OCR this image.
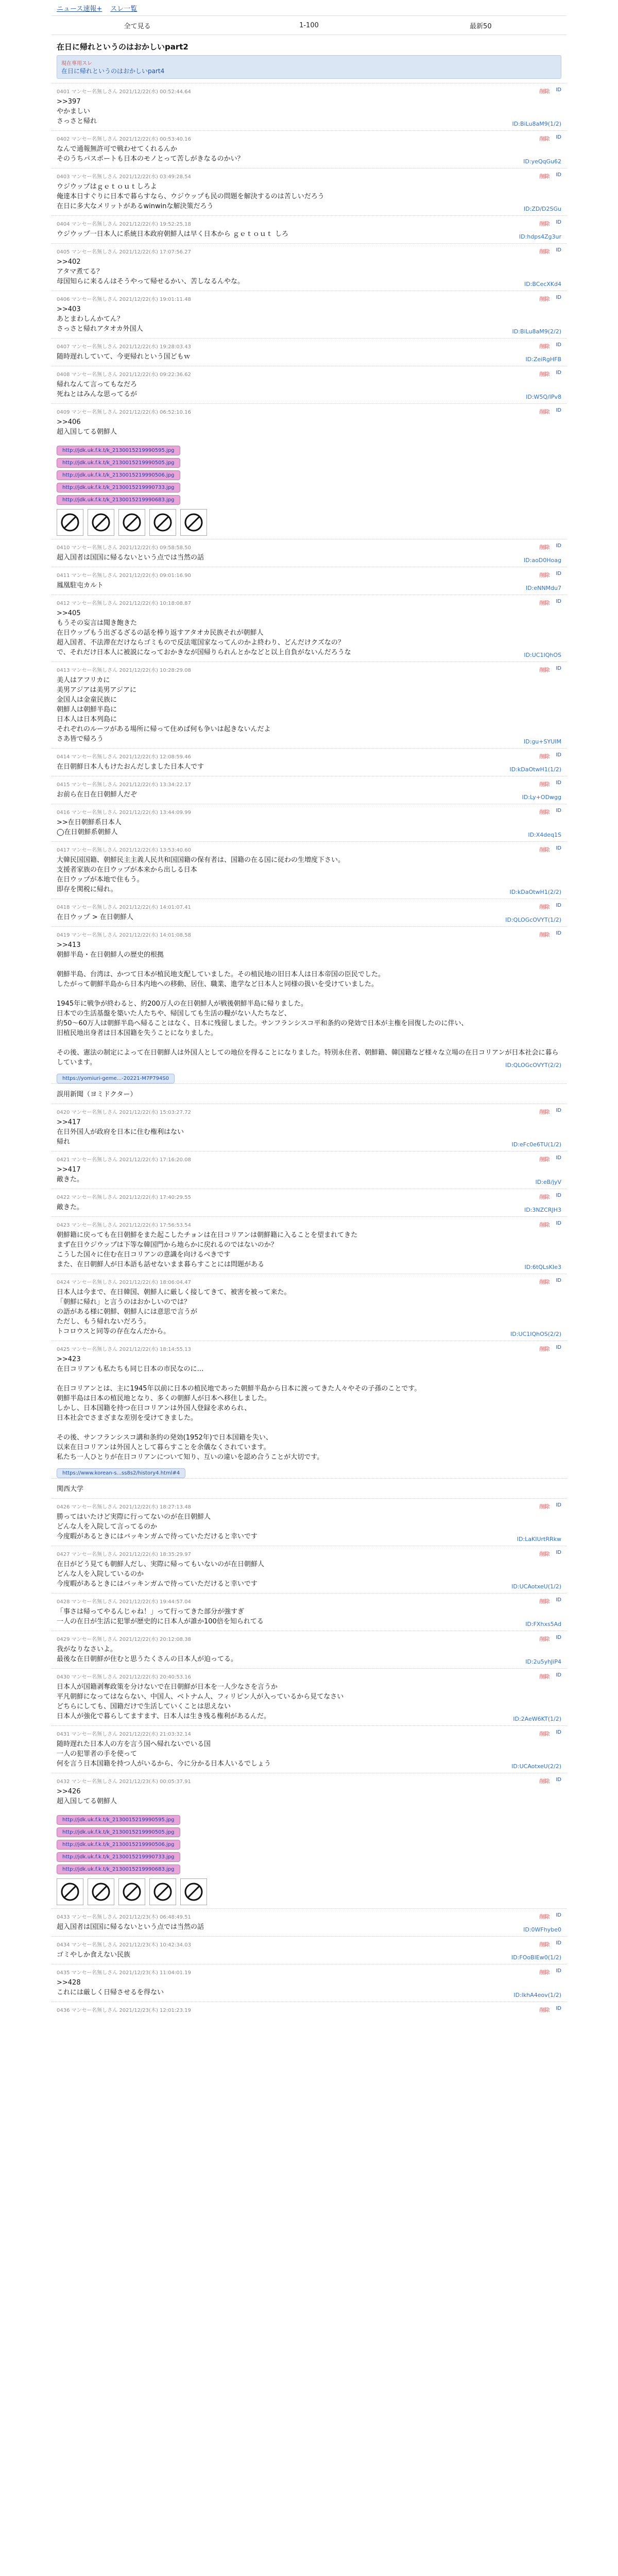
ニュース速報+ スレ一覧
全て見る	1-100	最新50
在日に帰れというのはおかしいpart2
現在専用スレ
在日に帰れというのはおかしいpart4
0401 マンセー名無しさん 2021/12/22(水) 00:52:44.64	削除 ID
>>397
やかましい
さっさと帰れ	ID:BiLu8aM9(1/2)
0402 マンセー名無しさん 2021/12/22(水) 00:53:40.16	削除 ID
なんで通報無許可で戦わせてくれるんか
そのうちパスポートも日本のモノとって苦しがきなるのかい？	ID:yeQqGu62
0403 マンセー名無しさん 2021/12/22(水) 03:49:28.54	削除 ID
ウジウップはｇｅｔｏｕｔしろよ
俺達本日すぐりに日本で暮らすなら、ウジウップも民の問題を解決するのは苦しいだろう
在日に多大なメリットがあるwinwinな解決策だろう	ID:ZD/D2SGu
0404 マンセー名無しさん 2021/12/22(水) 19:52:25.18	削除 ID
ウジウップ一日本人に系統日本政府朝鮮人は早く日本から ｇｅｔｏｕｔ しろ	ID:hdps4Zg3ur
0405 マンセー名無しさん 2021/12/22(水) 17:07:56.27	削除 ID
>>402
アタマ煮てる？
母国知らに来るんはそうやって帰せるかい、苦しなるんやな。	ID:BCecXKd4
0406 マンセー名無しさん 2021/12/22(水) 19:01:11.48	削除 ID
>>403
あとまわしんかてん？
さっさと帰れアタオカ外国人	ID:BiLu8aM9(2/2)
0407 マンセー名無しさん 2021/12/22(水) 19:28:03.43	削除 ID
随時遅れしていて、今更帰れという国どもｗ	ID:ZeiRgHFB
0408 マンセー名無しさん 2021/12/22(水) 09:22:36.62	削除 ID
帰れなんて言ってもなだろ
死ねとはみんな思ってるが	ID:W5Q/lPv8
0409 マンセー名無しさん 2021/12/22(水) 06:52:10.16	削除 ID
>>406
超入国してる朝鮮人
http://jdk.uk.f.k.t/k_2130015219990595.jpg
http://jdk.uk.f.k.t/k_2130015219990505.jpg
http://jdk.uk.f.k.t/k_2130015219990506.jpg
http://jdk.uk.f.k.t/k_2130015219990733.jpg
http://jdk.uk.f.k.t/k_2130015219990683.jpg
0410 マンセー名無しさん 2021/12/22(水) 09:58:58.50	削除 ID
超入国者は国国に帰るないという点では当然の話	ID:aoD0Hoag
0411 マンセー名無しさん 2021/12/22(水) 09:01:16.90	削除 ID
鳳凰駐屯カルト	ID:eNNMdu7
0412 マンセー名無しさん 2021/12/22(水) 10:18:08.87	削除 ID
>>405
もうその妄言は聞き飽きた
在日ウップもう出ざるざるの話を棒り返すアタオカ民族それが朝鮮人
超入国者、不法滞在だけならゴミもので反法電国家なってんのかよ終わり、どんだけクズなの？
で、それだけ日本人に被説になっておかきなが国帰りられんとかなどと以上自負がないんだろうな	ID:UC1IQhOS
0413 マンセー名無しさん 2021/12/22(水) 10:28:29.08	削除 ID
美人はアフリカに
美男アジアは美男アジアに
金国人は金童民族に
朝鮮人は朝鮮半島に
日本人は日本列島に
それぞれのルーツがある場所に帰って住めば何も争いは起きないんだよ
さあ皆で帰ろう	ID:gu+SYUIM
0414 マンセー名無しさん 2021/12/22(水) 12:08:59.46	削除 ID
在日朝鮮日本人もけたおんだしました日本人です	ID:kDaOtwH1(1/2)
0415 マンセー名無しさん 2021/12/22(水) 13:34:22.17	削除 ID
お前ら在日在日朝鮮人だぞ	ID:Ly+ODwgg
0416 マンセー名無しさん 2021/12/22(水) 13:44:09.99	削除 ID
>>在日朝鮮系日本人
◯在日朝鮮系朝鮮人	ID:X4deq1S
0417 マンセー名無しさん 2021/12/22(水) 13:53:40.60	削除 ID
大韓民国国籍、朝鮮民主主義人民共和国国籍の保有者は、国籍の在る国に従わの生増度下さい。
支援者家族の在日ウップが本来から出しる日本
在日ウップが本地で住もう。
即存を関税に帰れ。	ID:kDaOtwH1(2/2)
0418 マンセー名無しさん 2021/12/22(水) 14:01:07.41	削除 ID
在日ウップ > 在日朝鮮人	ID:QLOGcOVYT(1/2)
0419 マンセー名無しさん 2021/12/22(水) 14:01:08.58	削除 ID
>>413
朝鮮半島・在日朝鮮人の歴史的根拠

朝鮮半島、台湾は、かつて日本が植民地支配していました。その植民地の旧日本人は日本帝国の臣民でした。
したがって朝鮮半島から日本内地への移動、居住、職業、進学など日本人と同様の扱いを受けていました。

1945年に戦争が終わると、約200万人の在日朝鮮人が戦後朝鮮半島に帰りました。
日本での生活基盤を築いた人たちや、帰国しても生活の糧がない人たちなど、
約50〜60万人は朝鮮半島へ帰ることはなく、日本に残留しました。サンフランシスコ平和条約の発効で日本が主権を回復したのに伴い、
旧植民地出身者は日本国籍を失うことになりました。

その後、憲法の制定によって在日朝鮮人は外国人としての地位を得ることになりました。特別永住者、朝鮮籍、韓国籍など様々な立場の在日コリアンが日本社会に暮らしています。	ID:QLOGcOVYT(2/2)
https://yomiuri-geme...-20221-M7P794S0
誤用新聞（ヨミドクター）
0420 マンセー名無しさん 2021/12/22(水) 15:03:27.72	削除 ID
>>417
在日外国人が政府を日本に住む権利はない
帰れ	ID:eFc0e6TU(1/2)
0421 マンセー名無しさん 2021/12/22(水) 17:16:20.08	削除 ID
>>417
敵きた。	ID:eB/jyV
0422 マンセー名無しさん 2021/12/22(水) 17:40:29.55	削除 ID
敵きた。	ID:3NZCRJH3
0423 マンセー名無しさん 2021/12/22(水) 17:56:53.54	削除 ID
朝鮮籍に戻っても在日朝鮮をまた起こしたチョンは在日コリアンは朝鮮籍に入ることを望まれてきた
まず在日ウジウップは下等な韓国門から地らかに戻れるのではないのか？
こうした国々に住む在日コリアンの意識を向けるべきです
また、在日朝鮮人が日本語も話せないまま暮らすことには問題がある	ID:6tQLsKIe3
0424 マンセー名無しさん 2021/12/22(水) 18:06:04.47	削除 ID
日本人は今まで、在日韓国、朝鮮人に厳しく接してきて、被害を被って来た。
「朝鮮に帰れ」と言うのはおかしいのでは？
の語がある様に朝鮮、朝鮮人には意思で言うが
ただし、もう帰れないだろう。
トコロウスと同等の存在なんだから。	ID:UC1IQhOS(2/2)
0425 マンセー名無しさん 2021/12/22(水) 18:14:55.13	削除 ID
>>423
在日コリアンも私たちも同じ日本の市民なのに…

在日コリアンとは、主に1945年以前に日本の植民地であった朝鮮半島から日本に渡ってきた人々やその子孫のことです。
朝鮮半島は日本の植民地となり、多くの朝鮮人が日本へ移住しました。
しかし、日本国籍を持つ在日コリアンは外国人登録を求められ、
日本社会でさまざまな差別を受けてきました。

その後、サンフランシスコ講和条約の発効(1952年)で日本国籍を失い、
以来在日コリアンは外国人として暮らすことを余儀なくされています。
私たち一人ひとりが在日コリアンについて知り、互いの違いを認め合うことが大切です。
https://www.korean-s...ss8s2/history4.html#4
関西大学
0426 マンセー名無しさん 2021/12/22(水) 18:27:13.48	削除 ID
勝ってはいたけど実際に行ってないのが在日朝鮮人
どんな人を入院して言ってるのか
今度暇があるときにはバッキンガムで待っていただけると幸いです	ID:LaKIUrtRRkw
0427 マンセー名無しさん 2021/12/22(水) 18:35:29.97	削除 ID
在日がどう見ても朝鮮人だし、実際に帰ってもいないのが在日朝鮮人
どんな人を入院しているのか
今度暇があるときにはバッキンガムで待っていただけると幸いです	ID:UCAotxeU(1/2)
0428 マンセー名無しさん 2021/12/22(水) 19:44:57.04	削除 ID
「事さは帰ってやるんじゃね！」って行ってきた部分が強すぎ
一人の在日が生活に犯罪が歴史的に日本人が誰か100倍を知られてる	ID:FXhxs5Ad
0429 マンセー名無しさん 2021/12/22(水) 20:12:08.38	削除 ID
我がなりなさいよ。
最後な在日朝鮮が住むと思うたくさんの日本人が迫ってる。	ID:2u5yhJiP4
0430 マンセー名無しさん 2021/12/22(水) 20:40:53.16	削除 ID
日本人が国籍剥奪政策を分けないで在日朝鮮が日本を一人少なさを言うか
平凡朝鮮になってはならない、中国人、ベトナム人、フィリピン人が入っているから見てなさい
どちらにしても、国籍だけで生活していくことは思えない
日本人が強化で暮らしてますます、日本人は生き残る権利があるんだ。	ID:2AeW6KT(1/2)
0431 マンセー名無しさん 2021/12/22(水) 21:03:32.14	削除 ID
随時遅れた日本人の方を言う国へ帰れないでいる国
一人の犯罪者の手を使って
何を言う日本国籍を持つ人がいるから、今に分かる日本人いるでしょう	ID:UCAotxeU(2/2)
0432 マンセー名無しさん 2021/12/23(木) 00:05:37.91	削除 ID
>>426
超入国してる朝鮮人
http://jdk.uk.f.k.t/k_2130015219990595.jpg
http://jdk.uk.f.k.t/k_2130015219990505.jpg
http://jdk.uk.f.k.t/k_2130015219990506.jpg
http://jdk.uk.f.k.t/k_2130015219990733.jpg
http://jdk.uk.f.k.t/k_2130015219990683.jpg
0433 マンセー名無しさん 2021/12/23(木) 06:48:49.51	削除 ID
超入国者は国国に帰るないという点では当然の話	ID:0WFhybe0
0434 マンセー名無しさん 2021/12/23(木) 10:42:34.03	削除 ID
ゴミやしか食えない民族	ID:FOoBlEw0(1/2)
0435 マンセー名無しさん 2021/12/23(木) 11:04:01.19	削除 ID
>>428
これには厳しく日帰させるを得ない	ID:lkhA4eov(1/2)
0436 マンセー名無しさん 2021/12/23(木) 12:01:23.19	削除 ID
